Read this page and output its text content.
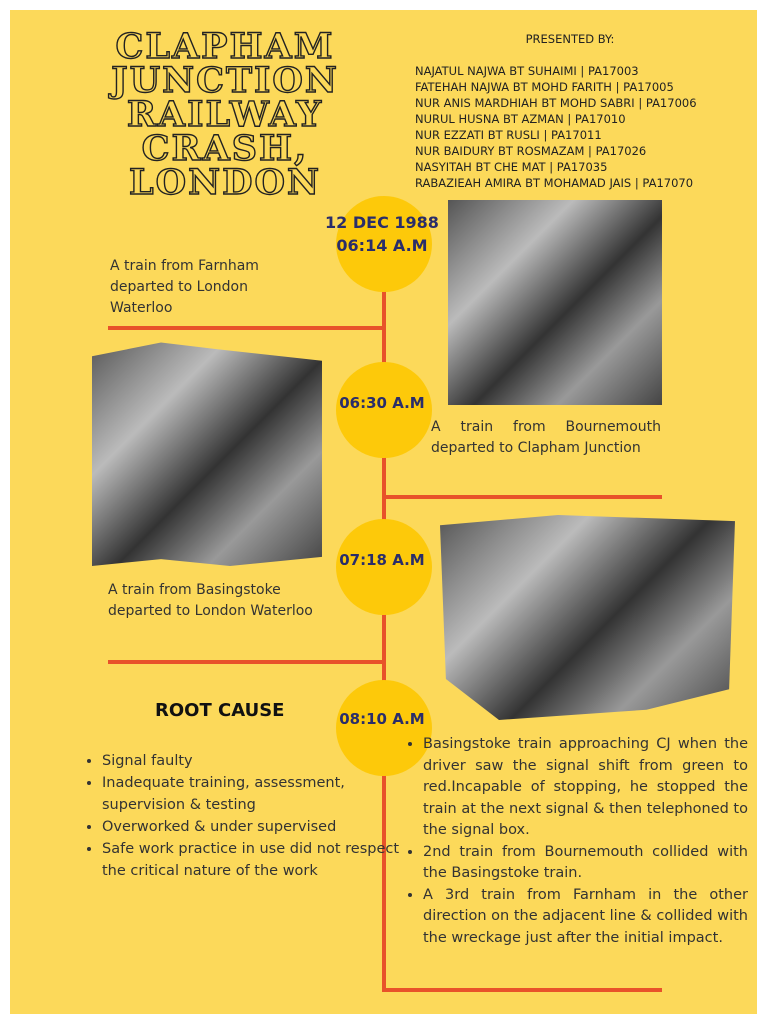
CLAPHAM JUNCTION RAILWAY CRASH, LONDON
PRESENTED BY:
NAJATUL NAJWA BT SUHAIMI | PA17003
FATEHAH NAJWA BT MOHD FARITH | PA17005
NUR ANIS MARDHIAH BT MOHD SABRI | PA17006
NURUL HUSNA BT AZMAN | PA17010
NUR EZZATI BT RUSLI | PA17011
NUR BAIDURY BT ROSMAZAM | PA17026
NASYITAH BT CHE MAT | PA17035
RABAZIEAH AMIRA BT MOHAMAD JAIS | PA17070
12 DEC 1988
06:14 A.M
06:30 A.M
07:18 A.M
08:10 A.M
A train from Farnham departed to London Waterloo
A train from Bournemouth departed to Clapham Junction
A train from Basingstoke departed to London Waterloo
ROOT CAUSE
• Signal faulty
• Inadequate training, assessment, supervision & testing
• Overworked & under supervised
• Safe work practice in use did not respect the critical nature of the work
• Basingstoke train approaching CJ when the driver saw the signal shift from green to red.Incapable of stopping, he stopped the train at the next signal & then telephoned to the signal box.
• 2nd train from Bournemouth collided with the Basingstoke train.
• A 3rd train from Farnham in the other direction on the adjacent line & collided with the wreckage just after the initial impact.
